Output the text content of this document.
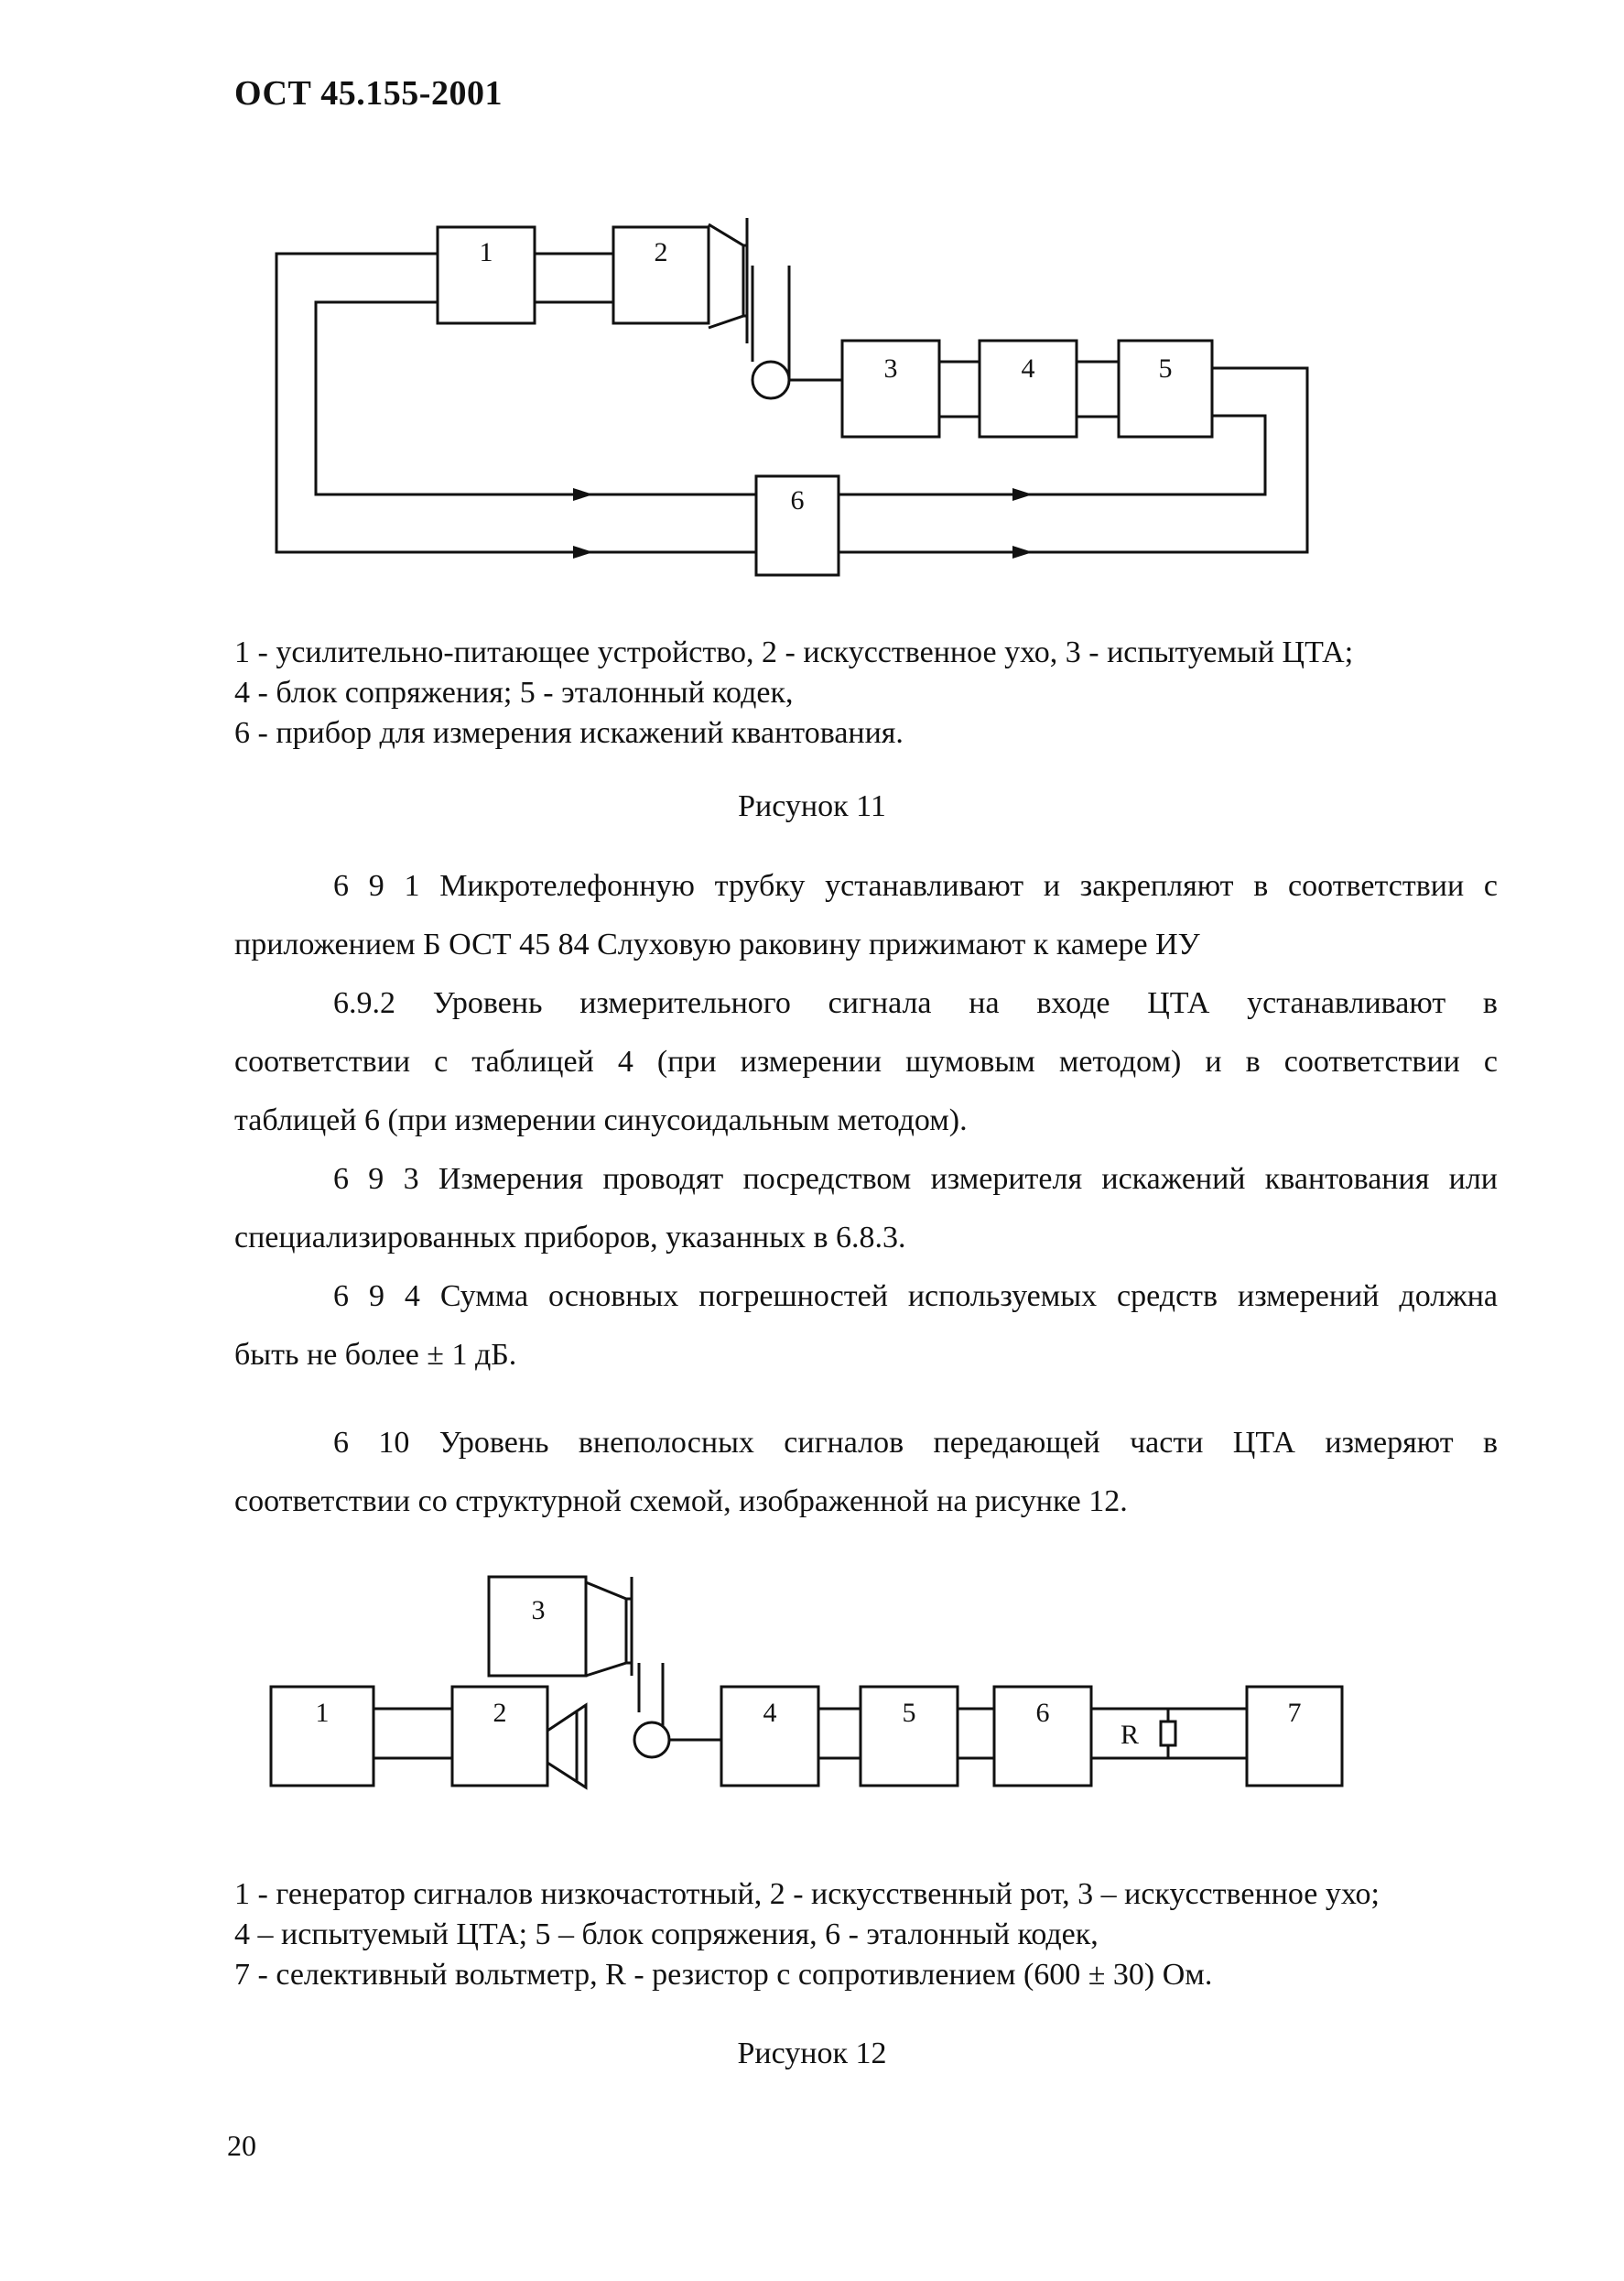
ОСТ 45.155-2001
1	2
3	4	5
6
1 - усилительно-питающее устройство, 2 - искусственное ухо, 3 - испытуемый ЦТА;
4 - блок сопряжения; 5 - эталонный кодек,
6 - прибор для измерения искажений квантования.
Рисунок 11
6 9 1 Микротелефонную трубку устанавливают и закрепляют в соответствии с
приложением Б ОСТ 45 84 Слуховую раковину прижимают к камере ИУ
6.9.2 Уровень измерительного сигнала на входе ЦТА устанавливают в
соответствии с таблицей 4 (при измерении шумовым методом) и в соответствии с
таблицей 6 (при измерении синусоидальным методом).
6 9 3 Измерения проводят посредством измерителя искажений квантования или
специализированных приборов, указанных в 6.8.3.
6 9 4 Сумма основных погрешностей используемых средств измерений должна
быть не более ± 1 дБ.
6 10 Уровень внеполосных сигналов передающей части ЦТА измеряют в
соответствии со структурной схемой, изображенной на рисунке 12.
1	2
3
4	5	6	7
R
1 - генератор сигналов низкочастотный, 2 - искусственный рот, 3 – искусственное ухо;
4 – испытуемый ЦТА; 5 – блок сопряжения, 6 - эталонный кодек,
7 - селективный вольтметр, R - резистор с сопротивлением (600 ± 30) Ом.
Рисунок 12
20
